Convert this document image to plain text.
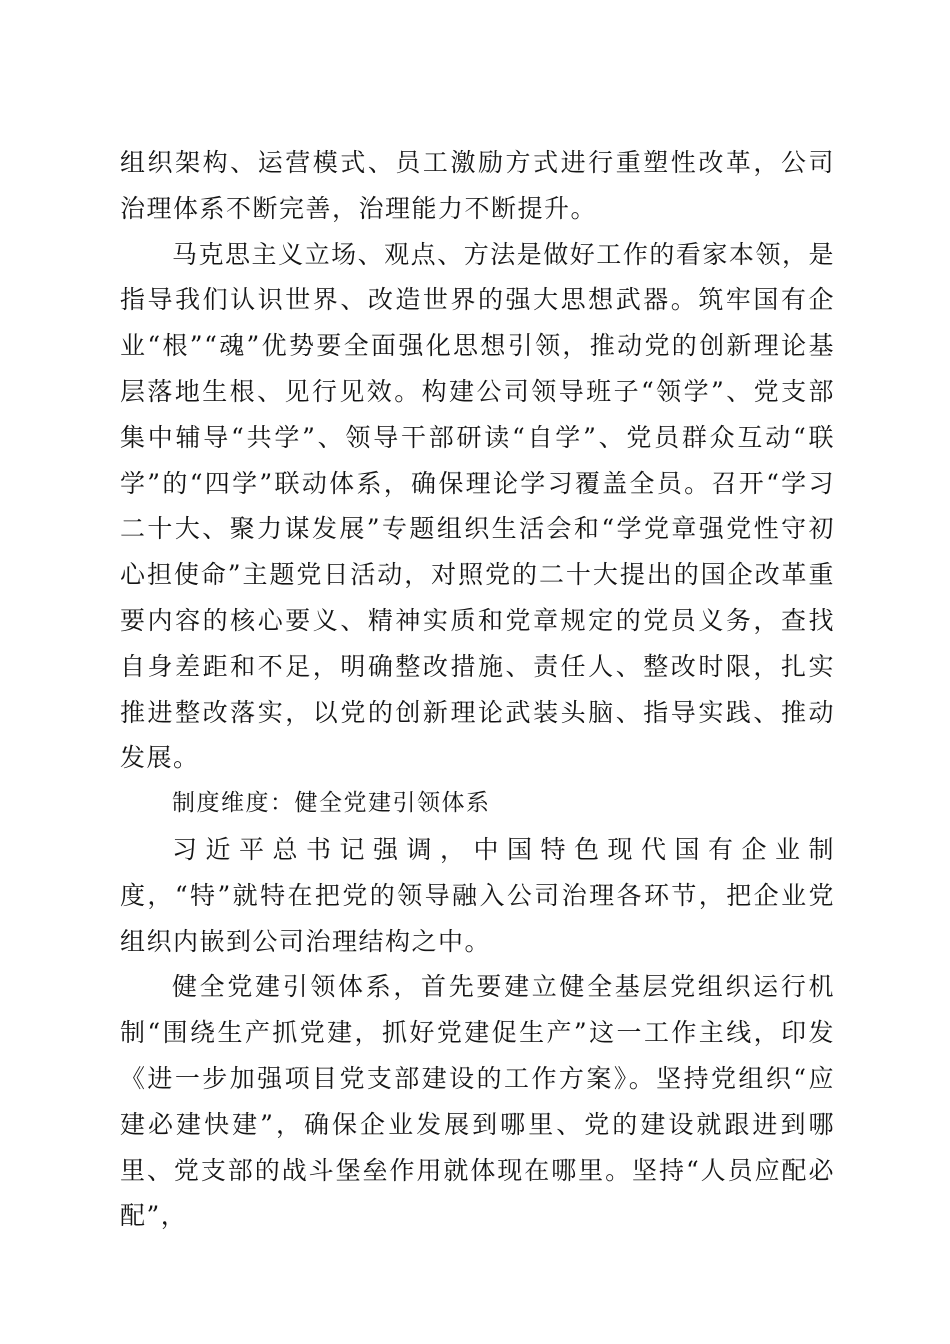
组织架构、运营模式、员工激励方式进行重塑性改革，公司治理体系不断完善，治理能力不断提升。

马克思主义立场、观点、方法是做好工作的看家本领，是指导我们认识世界、改造世界的强大思想武器。筑牢国有企业“根”“魂”优势要全面强化思想引领，推动党的创新理论基层落地生根、见行见效。构建公司领导班子“领学”、党支部集中辅导“共学”、领导干部研读“自学”、党员群众互动“联学”的“四学”联动体系，确保理论学习覆盖全员。召开“学习二十大、聚力谋发展”专题组织生活会和“学党章强党性守初心担使命”主题党日活动，对照党的二十大提出的国企改革重要内容的核心要义、精神实质和党章规定的党员义务，查找自身差距和不足，明确整改措施、责任人、整改时限，扎实推进整改落实，以党的创新理论武装头脑、指导实践、推动发展。

制度维度：健全党建引领体系

习近平总书记强调，中国特色现代国有企业制度，“特”就特在把党的领导融入公司治理各环节，把企业党组织内嵌到公司治理结构之中。

健全党建引领体系，首先要建立健全基层党组织运行机制“围绕生产抓党建，抓好党建促生产”这一工作主线，印发《进一步加强项目党支部建设的工作方案》。坚持党组织“应建必建快建”，确保企业发展到哪里、党的建设就跟进到哪里、党支部的战斗堡垒作用就体现在哪里。坚持“人员应配必配”，
